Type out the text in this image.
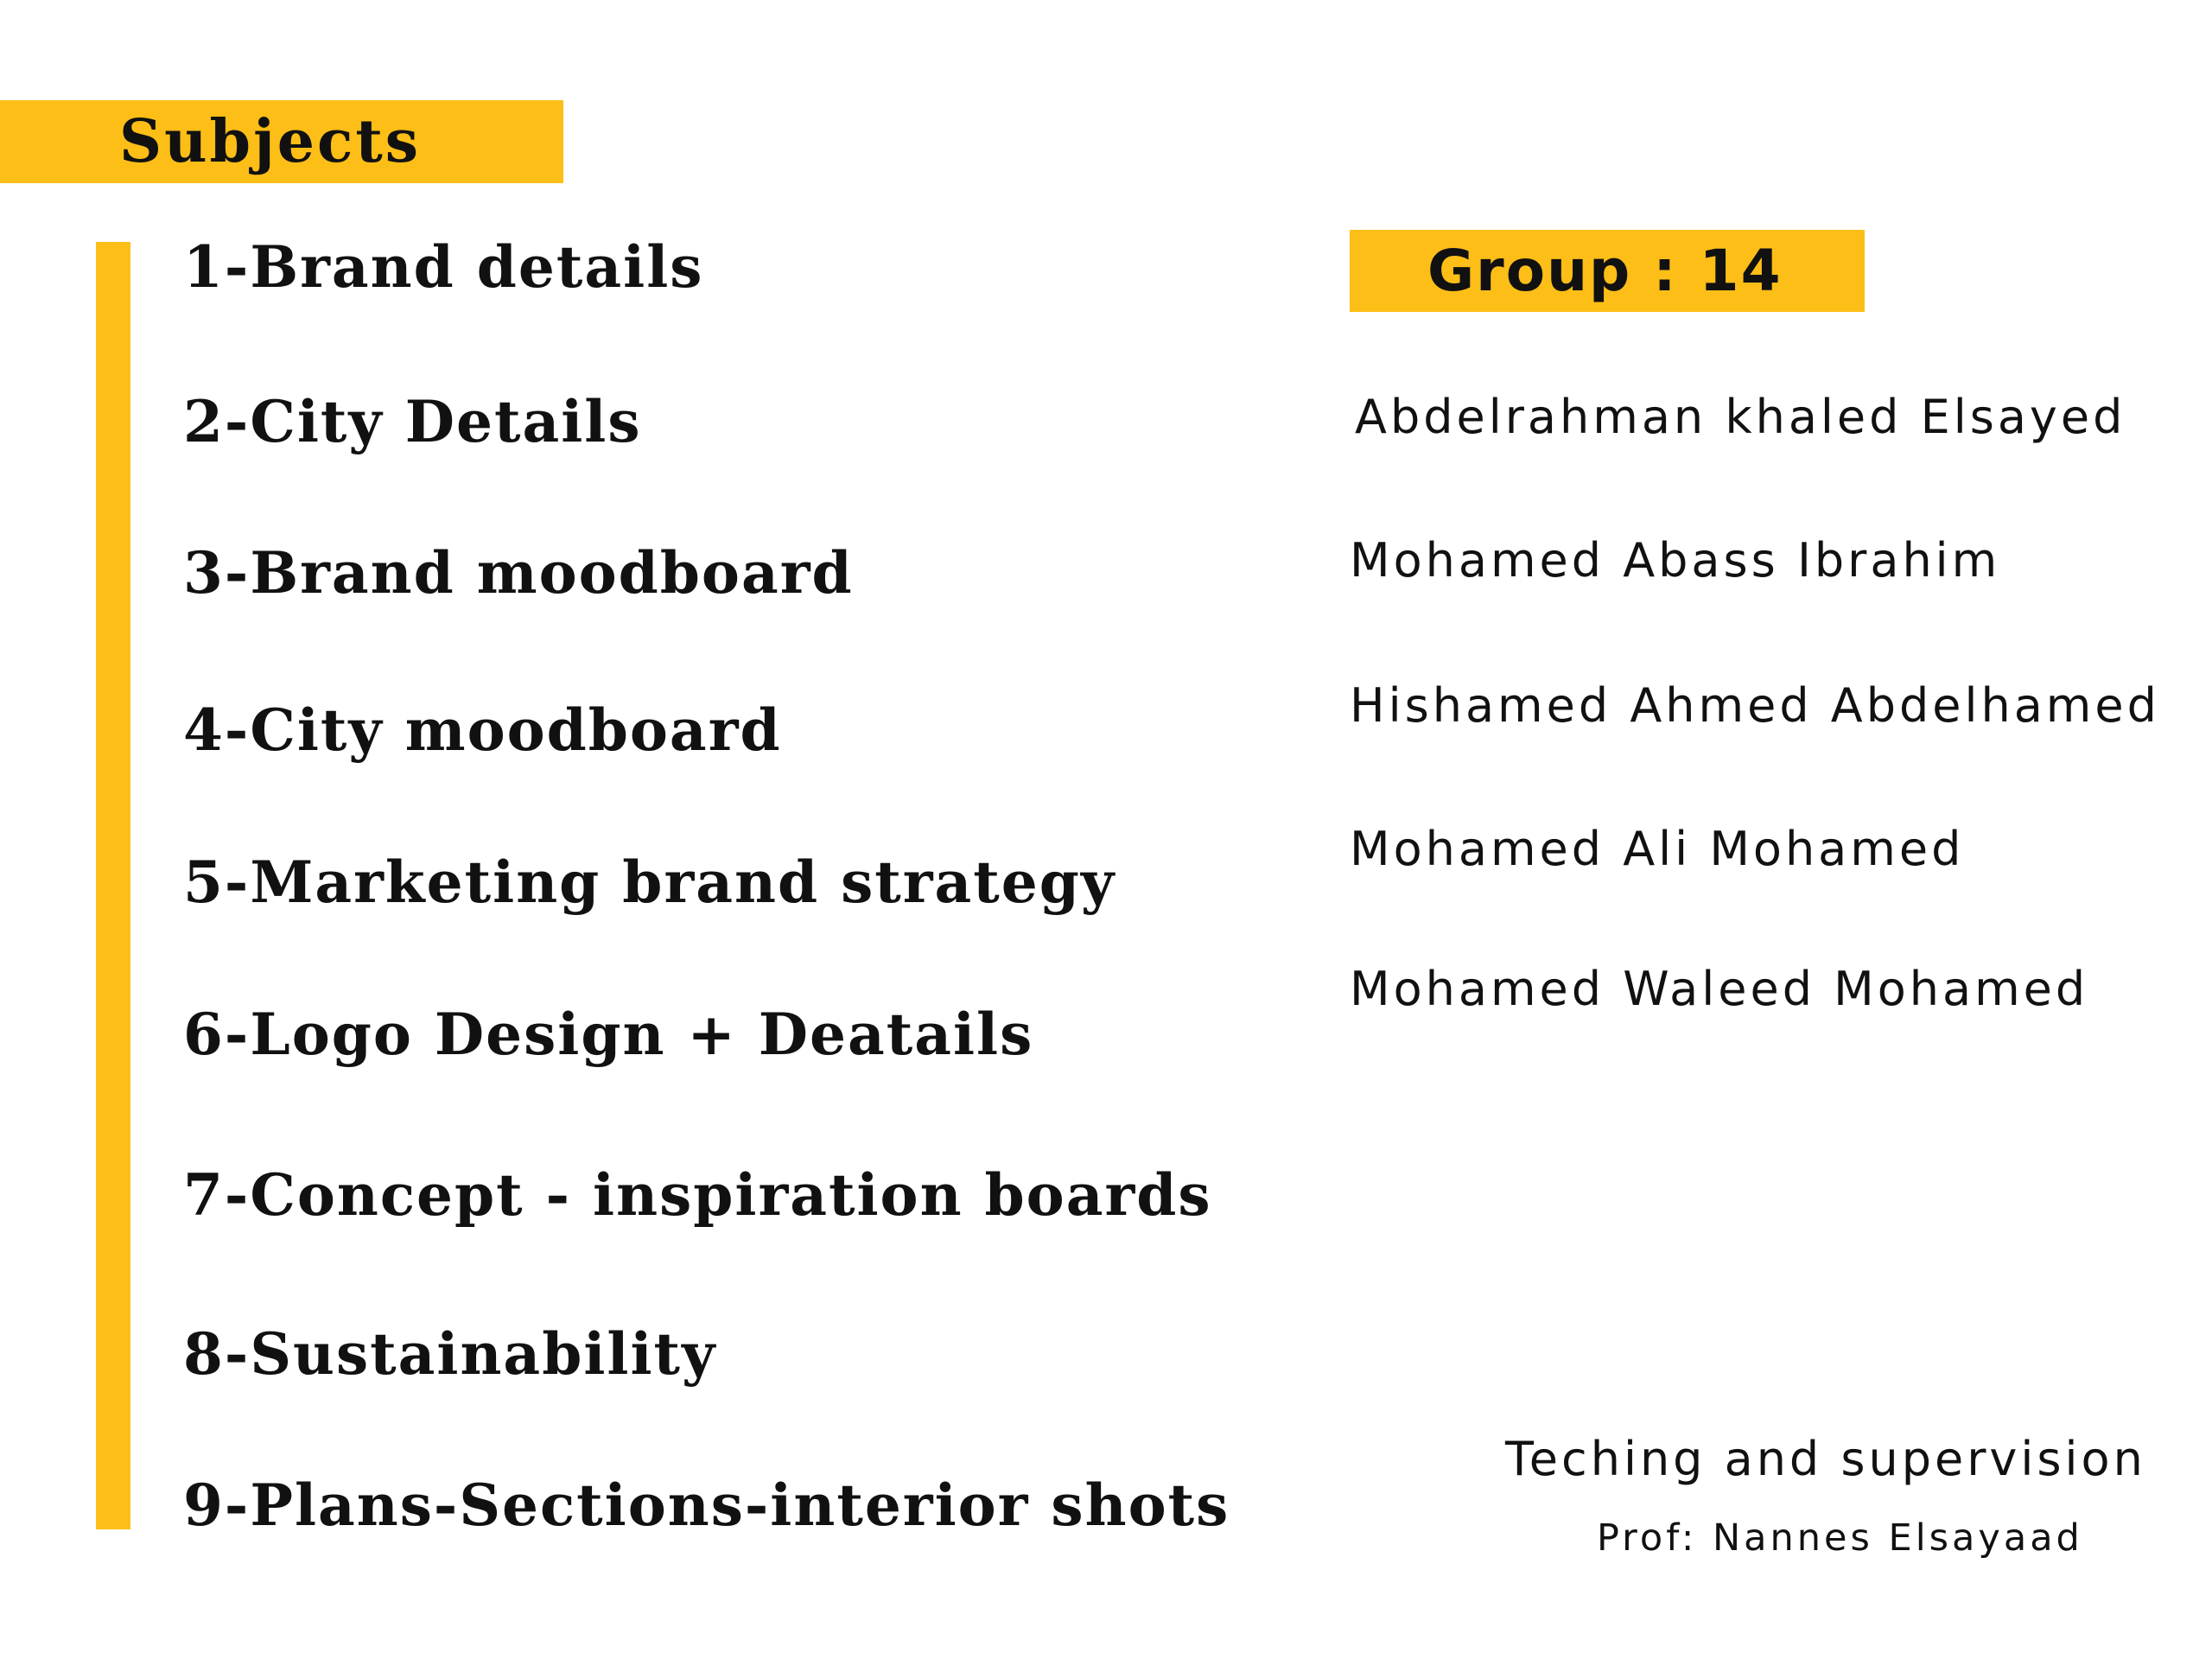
Subjects
1-Brand details
2-City Details
3-Brand moodboard
4-City moodboard
5-Marketing brand strategy
6-Logo Design + Deatails
7-Concept - inspiration boards
8-Sustainability
9-Plans-Sections-interior shots
Group : 14
Abdelrahman khaled Elsayed
Mohamed Abass Ibrahim
Hishamed Ahmed Abdelhamed
Mohamed Ali Mohamed
Mohamed Waleed Mohamed
Teching and supervision
Prof: Nannes Elsayaad
